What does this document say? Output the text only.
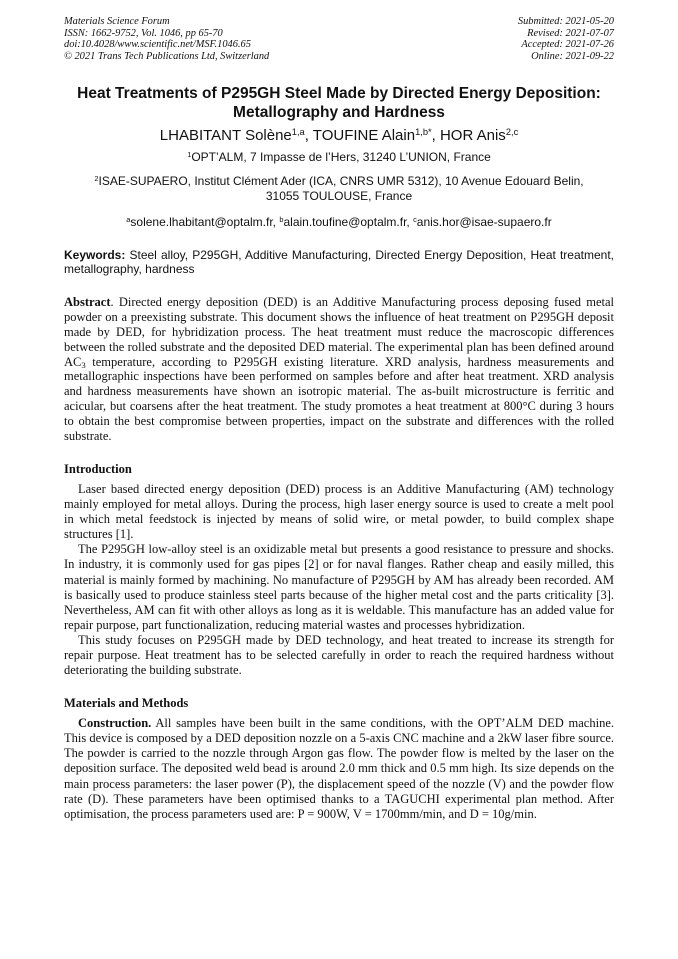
Materials Science Forum
ISSN: 1662-9752, Vol. 1046, pp 65-70
doi:10.4028/www.scientific.net/MSF.1046.65
© 2021 Trans Tech Publications Ltd, Switzerland
Submitted: 2021-05-20
Revised: 2021-07-07
Accepted: 2021-07-26
Online: 2021-09-22
Heat Treatments of P295GH Steel Made by Directed Energy Deposition:
Metallography and Hardness
LHABITANT Solène$^{1,a}$, TOUFINE Alain$^{1,b*}$, HOR Anis$^{2,c}$
$^1$OPT’ALM, 7 Impasse de l’Hers, 31240 L’UNION, France
$^2$ISAE-SUPAERO, Institut Clément Ader (ICA, CNRS UMR 5312), 10 Avenue Edouard Belin,
31055 TOULOUSE, France
$^a$solene.lhabitant@optalm.fr, $^b$alain.toufine@optalm.fr, $^c$anis.hor@isae-supaero.fr
Keywords: Steel alloy, P295GH, Additive Manufacturing, Directed Energy Deposition, Heat treatment, metallography, hardness
Abstract. Directed energy deposition (DED) is an Additive Manufacturing process deposing fused metal powder on a preexisting substrate. This document shows the influence of heat treatment on P295GH deposit made by DED, for hybridization process. The heat treatment must reduce the macroscopic differences between the rolled substrate and the deposited DED material. The experimental plan has been defined around $AC_3$ temperature, according to P295GH existing literature. XRD analysis, hardness measurements and metallographic inspections have been performed on samples before and after heat treatment. XRD analysis and hardness measurements have shown an isotropic material. The as-built microstructure is ferritic and acicular, but coarsens after the heat treatment. The study promotes a heat treatment at 800°C during 3 hours to obtain the best compromise between properties, impact on the substrate and differences with the rolled substrate.
Introduction

Laser based directed energy deposition (DED) process is an Additive Manufacturing (AM) technology mainly employed for metal alloys. During the process, high laser energy source is used to create a melt pool in which metal feedstock is injected by means of solid wire, or metal powder, to build complex shape structures [1].

The P295GH low-alloy steel is an oxidizable metal but presents a good resistance to pressure and shocks. In industry, it is commonly used for gas pipes [2] or for naval flanges. Rather cheap and easily milled, this material is mainly formed by machining. No manufacture of P295GH by AM has already been recorded. AM is basically used to produce stainless steel parts because of the higher metal cost and the parts criticality [3]. Nevertheless, AM can fit with other alloys as long as it is weldable. This manufacture has an added value for repair purpose, part functionalization, reducing material wastes and processes hybridization.

This study focuses on P295GH made by DED technology, and heat treated to increase its strength for repair purpose. Heat treatment has to be selected carefully in order to reach the required hardness without deteriorating the building substrate.

Materials and Methods

Construction. All samples have been built in the same conditions, with the OPT’ALM DED machine. This device is composed by a DED deposition nozzle on a 5-axis CNC machine and a 2kW laser fibre source. The powder is carried to the nozzle through Argon gas flow. The powder flow is melted by the laser on the deposition surface. The deposited weld bead is around 2.0 mm thick and 0.5 mm high. Its size depends on the main process parameters: the laser power (P), the displacement speed of the nozzle (V) and the powder flow rate (D). These parameters have been optimised thanks to a TAGUCHI experimental plan method. After optimisation, the process parameters used are: P = 900W, V = 1700mm/min, and D = 10g/min.
